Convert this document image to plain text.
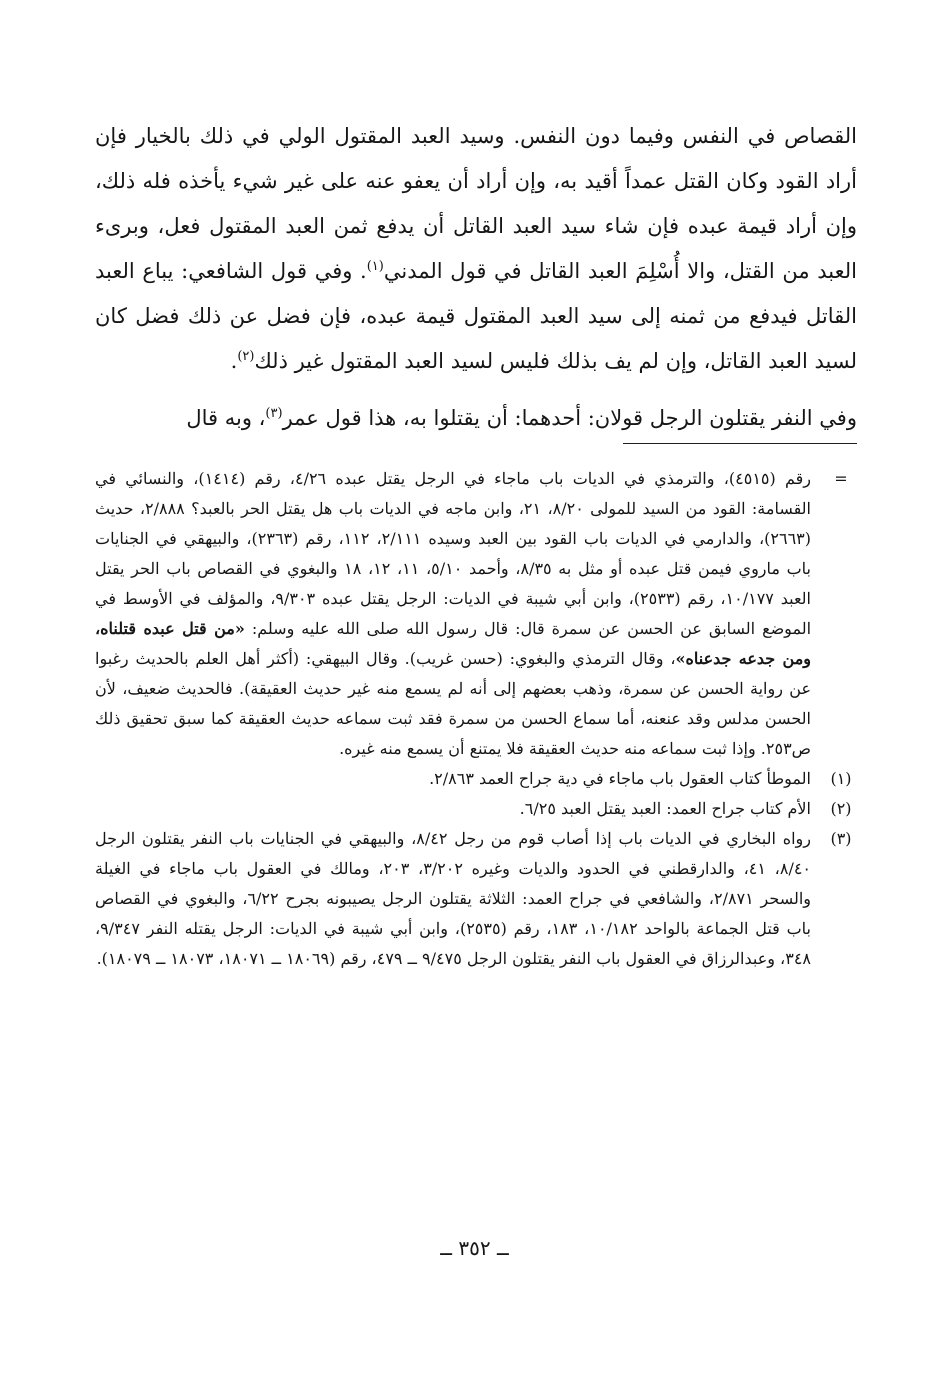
القصاص في النفس وفيما دون النفس. وسيد العبد المقتول الولي في ذلك بالخيار فإن أراد القود وكان القتل عمداً أقيد به، وإن أراد أن يعفو عنه على غير شيء يأخذه فله ذلك، وإن أراد قيمة عبده فإن شاء سيد العبد القاتل أن يدفع ثمن العبد المقتول فعل، وبرىء العبد من القتل، والا أُسْلِمَ العبد القاتل في قول المدني$^{(١)}$. وفي قول الشافعي: يباع العبد القاتل فيدفع من ثمنه إلى سيد العبد المقتول قيمة عبده، فإن فضل عن ذلك فضل كان لسيد العبد القاتل، وإن لم يف بذلك فليس لسيد العبد المقتول غير ذلك$^{(٢)}$.

وفي النفر يقتلون الرجل قولان: أحدهما: أن يقتلوا به، هذا قول عمر$^{(٣)}$، وبه قال

=
رقم (٤٥١٥)، والترمذي في الديات باب ماجاء في الرجل يقتل عبده ٤/٢٦، رقم (١٤١٤)، والنسائي في القسامة: القود من السيد للمولى ٨/٢٠، ٢١، وابن ماجه في الديات باب هل يقتل الحر بالعبد؟ ٢/٨٨٨، حديث (٢٦٦٣)، والدارمي في الديات باب القود بين العبد وسيده ٢/١١١، ١١٢، رقم (٢٣٦٣)، والبيهقي في الجنايات باب ماروي فيمن قتل عبده أو مثل به ٨/٣٥، وأحمد ٥/١٠، ١١، ١٢، ١٨ والبغوي في القصاص باب الحر يقتل العبد ١٠/١٧٧، رقم (٢٥٣٣)، وابن أبي شيبة في الديات: الرجل يقتل عبده ٩/٣٠٣، والمؤلف في الأوسط في الموضع السابق عن الحسن عن سمرة قال: قال رسول الله صلى الله عليه وسلم: «من قتل عبده قتلناه، ومن جدعه جدعناه»، وقال الترمذي والبغوي: (حسن غريب). وقال البيهقي: (أكثر أهل العلم بالحديث رغبوا عن رواية الحسن عن سمرة، وذهب بعضهم إلى أنه لم يسمع منه غير حديث العقيقة). فالحديث ضعيف، لأن الحسن مدلس وقد عنعنه، أما سماع الحسن من سمرة فقد ثبت سماعه حديث العقيقة كما سبق تحقيق ذلك ص٢٥٣. وإذا ثبت سماعه منه حديث العقيقة فلا يمتنع أن يسمع منه غيره.
(١)
الموطأ كتاب العقول باب ماجاء في دية جراح العمد ٢/٨٦٣.
(٢)
الأم كتاب جراح العمد: العبد يقتل العبد ٦/٢٥.
(٣)
رواه البخاري في الديات باب إذا أصاب قوم من رجل ٨/٤٢، والبيهقي في الجنايات باب النفر يقتلون الرجل ٨/٤٠، ٤١، والدارقطني في الحدود والديات وغيره ٣/٢٠٢، ٢٠٣، ومالك في العقول باب ماجاء في الغيلة والسحر ٢/٨٧١، والشافعي في جراح العمد: الثلاثة يقتلون الرجل يصيبونه بجرح ٦/٢٢، والبغوي في القصاص باب قتل الجماعة بالواحد ١٠/١٨٢، ١٨٣، رقم (٢٥٣٥)، وابن أبي شيبة في الديات: الرجل يقتله النفر ٩/٣٤٧، ٣٤٨، وعبدالرزاق في العقول باب النفر يقتلون الرجل ٩/٤٧٥ ــ ٤٧٩، رقم (١٨٠٦٩ ــ ١٨٠٧١، ١٨٠٧٣ ــ ١٨٠٧٩).
ــ ٣٥٢ ــ
